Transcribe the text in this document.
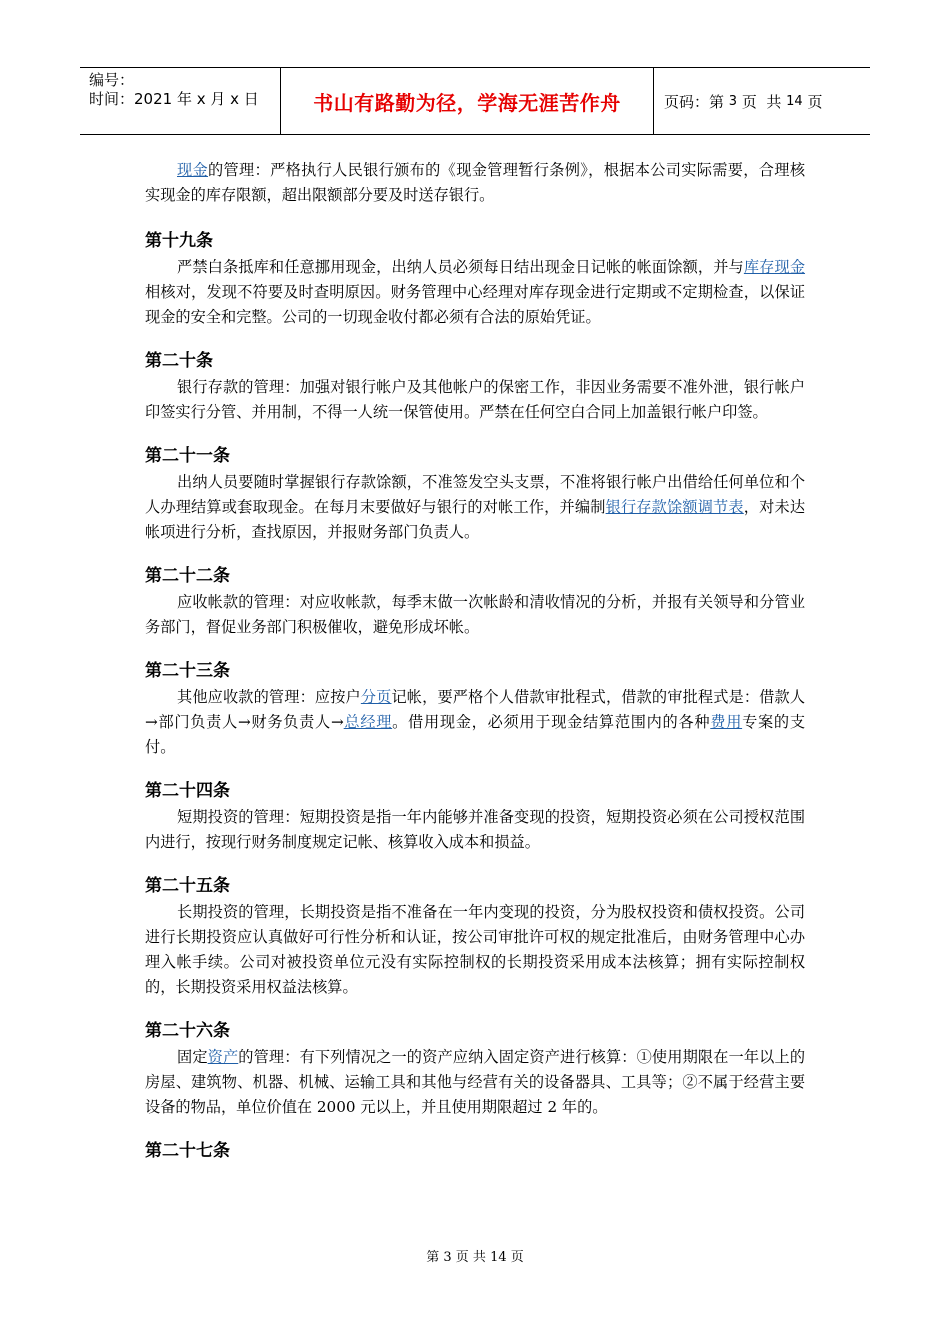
编号：
时间：2021 年 x 月 x 日	书山有路勤为径，学海无涯苦作舟	页码：第 3 页  共 14 页

现金的管理：严格执行人民银行颁布的《现金管理暂行条例》，根据本公司实际需要，合理核实现金的库存限额，超出限额部分要及时送存银行。

第十九条

严禁白条抵库和任意挪用现金，出纳人员必须每日结出现金日记帐的帐面馀额，并与库存现金相核对，发现不符要及时查明原因。财务管理中心经理对库存现金进行定期或不定期检查，以保证现金的安全和完整。公司的一切现金收付都必须有合法的原始凭证。

第二十条

银行存款的管理：加强对银行帐户及其他帐户的保密工作，非因业务需要不准外泄，银行帐户印签实行分管、并用制，不得一人统一保管使用。严禁在任何空白合同上加盖银行帐户印签。

第二十一条

出纳人员要随时掌握银行存款馀额，不准签发空头支票，不准将银行帐户出借给任何单位和个人办理结算或套取现金。在每月末要做好与银行的对帐工作，并编制银行存款馀额调节表，对未达帐项进行分析，查找原因，并报财务部门负责人。

第二十二条

应收帐款的管理：对应收帐款，每季末做一次帐龄和清收情况的分析，并报有关领导和分管业务部门，督促业务部门积极催收，避免形成坏帐。

第二十三条

其他应收款的管理：应按户分页记帐，要严格个人借款审批程式，借款的审批程式是：借款人→部门负责人→财务负责人→总经理。借用现金，必须用于现金结算范围内的各种费用专案的支付。

第二十四条

短期投资的管理：短期投资是指一年内能够并准备变现的投资，短期投资必须在公司授权范围内进行，按现行财务制度规定记帐、核算收入成本和损益。

第二十五条

长期投资的管理，长期投资是指不准备在一年内变现的投资，分为股权投资和债权投资。公司进行长期投资应认真做好可行性分析和认证，按公司审批许可权的规定批准后，由财务管理中心办理入帐手续。公司对被投资单位元没有实际控制权的长期投资采用成本法核算；拥有实际控制权的，长期投资采用权益法核算。

第二十六条

固定资产的管理：有下列情况之一的资产应纳入固定资产进行核算：①使用期限在一年以上的房屋、建筑物、机器、机械、运输工具和其他与经营有关的设备器具、工具等；②不属于经营主要设备的物品，单位价值在 2000 元以上，并且使用期限超过 2 年的。

第二十七条
第 3 页 共 14 页
